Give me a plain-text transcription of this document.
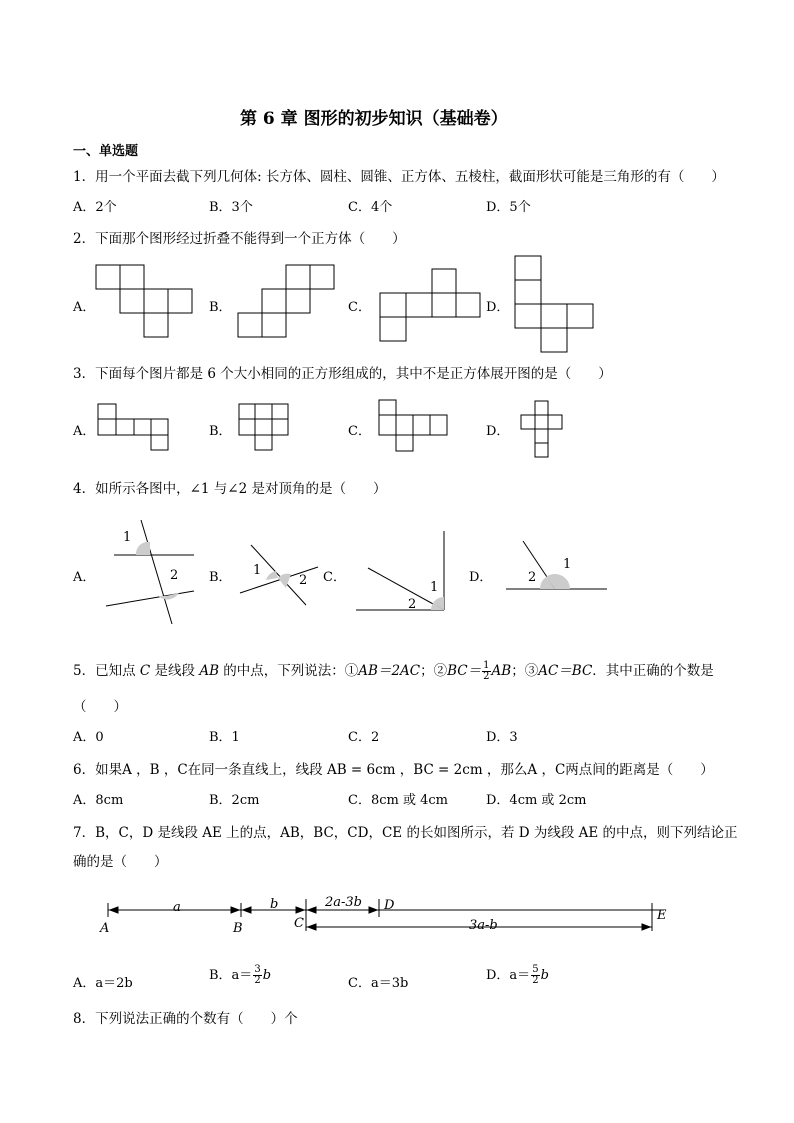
第 6 章 图形的初步知识（基础卷）
一、单选题
1．用一个平面去截下列几何体: 长方体、圆柱、圆锥、正方体、五棱柱，截面形状可能是三角形的有（　　）
A．2个	B．3个	C．4个	D．5个
2．下面那个图形经过折叠不能得到一个正方体（　　）
A．	B．	C．	D．
3．下面每个图片都是 6 个大小相同的正方形组成的，其中不是正方体展开图的是（　　）
A．	B．	C．	D．
4．如所示各图中，∠1 与∠2 是对顶角的是（　　）
A．	B．	C．	D．
1
2	1
2	1
2
1
2
5．已知点 C 是线段 AB 的中点，下列说法：①AB＝2AC；②BC＝ $\frac{1}{2}$ AB；③AC＝BC．其中正确的个数是
（　　）
A．0	B．1	C．2	D．3
6．如果A ，B ，C在同一条直线上，线段 AB = 6cm ，BC = 2cm ，那么A ，C两点间的距离是（　　）
A．8cm	B．2cm	C．8cm 或 4cm	D．4cm 或 2cm
7．B，C，D 是线段 AE 上的点，AB，BC，CD，CE 的长如图所示，若 D 为线段 AE 的中点，则下列结论正
确的是（　　）
A	B	C
D
E
a	b	2a-3b
3a-b
A．a＝2b
B．$a= \frac{3}{2}$ b
C．a＝3b
D．$a= \frac{5}{2}$ b
8．下列说法正确的个数有（　　）个
